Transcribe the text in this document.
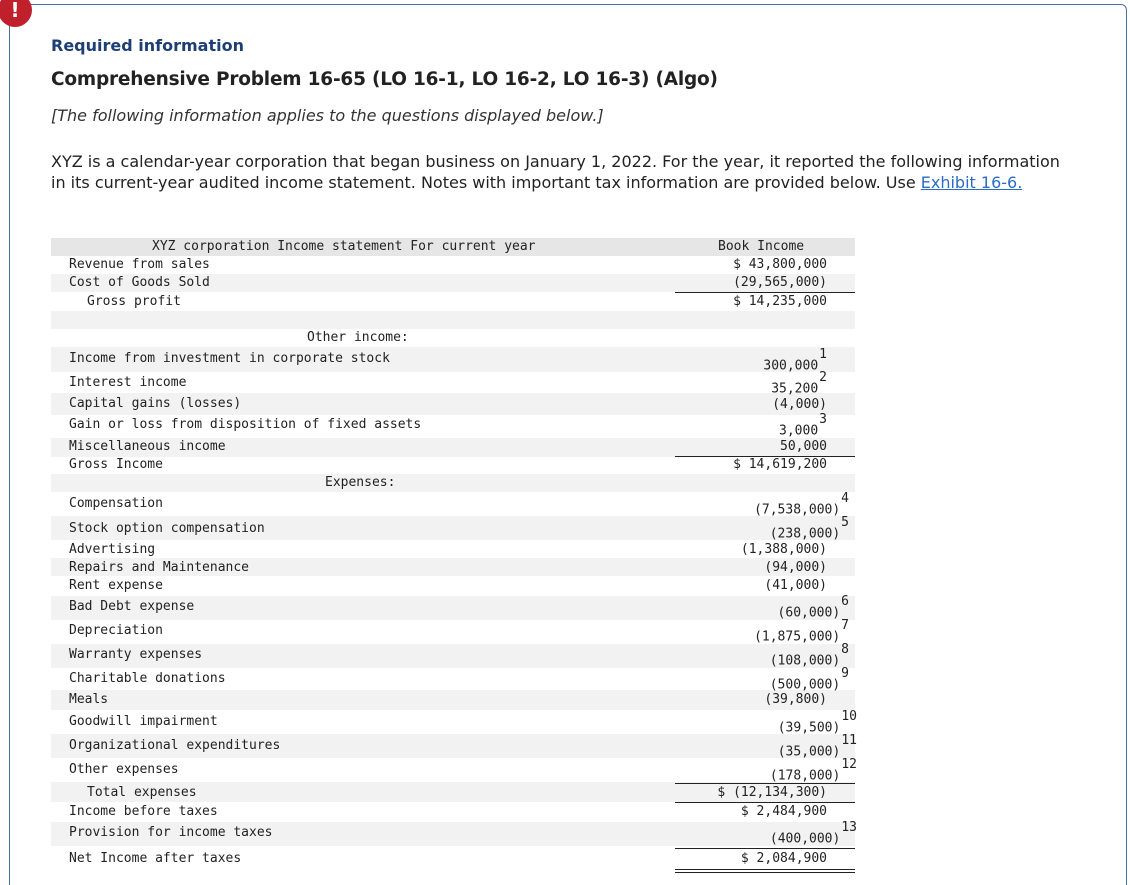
!
Required information
Comprehensive Problem 16-65 (LO 16-1, LO 16-2, LO 16-3) (Algo)
[The following information applies to the questions displayed below.]
XYZ is a calendar-year corporation that began business on January 1, 2022. For the year, it reported the following information in its current-year audited income statement. Notes with important tax information are provided below. Use Exhibit 16-6.
XYZ corporation Income statement For current year	Book Income
Revenue from sales
Cost of Goods Sold
Gross profit
Other income:
Income from investment in corporate stock
Interest income
Capital gains (losses)
Gain or loss from disposition of fixed assets
Miscellaneous income
Gross Income
Expenses:
Compensation
Stock option compensation
Advertising
Repairs and Maintenance
Rent expense
Bad Debt expense
Depreciation
Warranty expenses
Charitable donations
Meals
Goodwill impairment
Organizational expenditures
Other expenses
Total expenses
Income before taxes
Provision for income taxes
Net Income after taxes
$ 43,800,000
(29,565,000)
$ 14,235,000
300,000$^1$
35,200$^2$
(4,000)
3,000$^3$
50,000
$ 14,619,200
$(7,538,000)^4$
$(238,000)^5$
(1,388,000)
(94,000)
(41,000)
$(60,000)^6$
$(1,875,000)^7$
$(108,000)^8$
$(500,000)^9$
(39,800)
$(39,500)^{10}$
$(35,000)^{11}$
$(178,000)^{12}$
$ (12,134,300)
$ 2,484,900
$(400,000)^{13}$
$ 2,084,900
